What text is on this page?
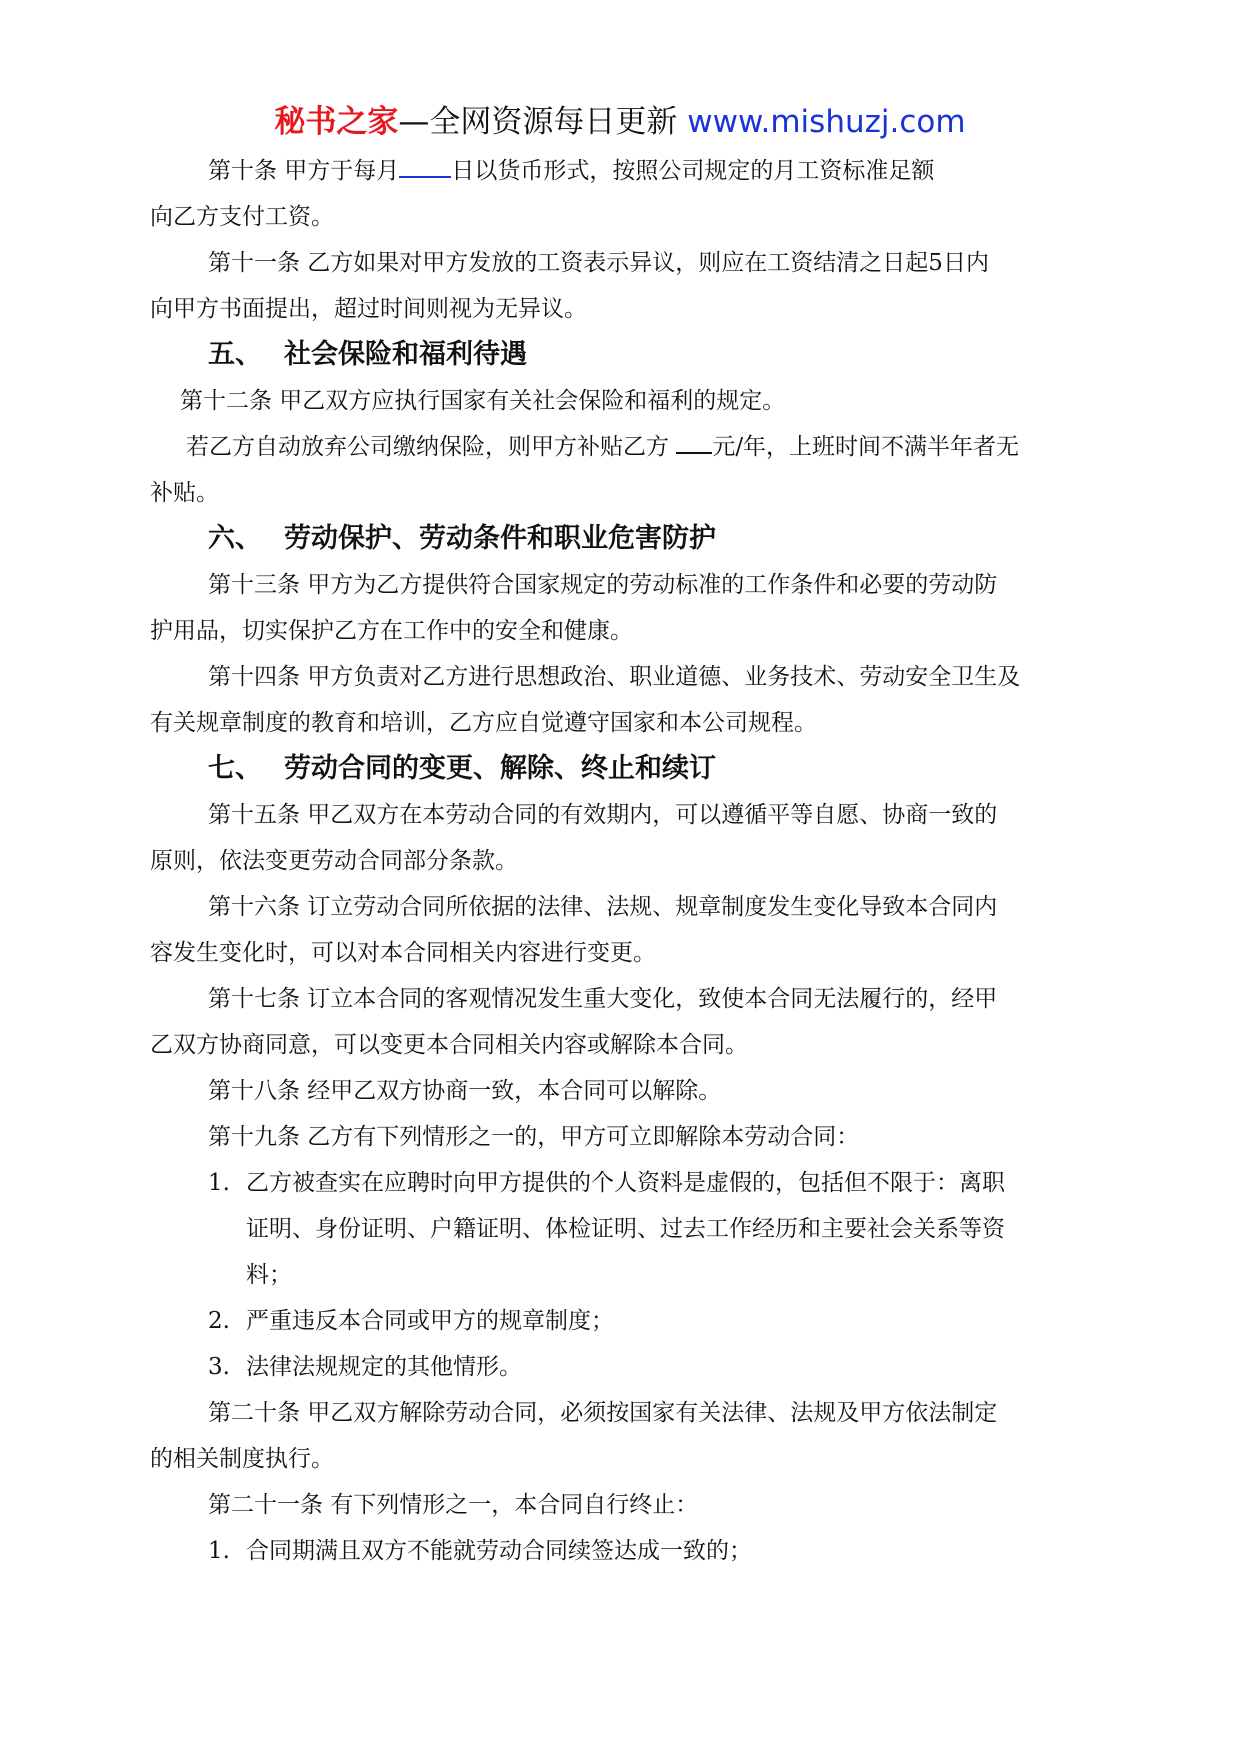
秘书之家—全网资源每日更新 www.mishuzj.com
第十条 甲方于每月 日以货币形式，按照公司规定的月工资标准足额
向乙方支付工资。
第十一条 乙方如果对甲方发放的工资表示异议，则应在工资结清之日起5日内
向甲方书面提出，超过时间则视为无异议。
五、 社会保险和福利待遇
第十二条 甲乙双方应执行国家有关社会保险和福利的规定。
若乙方自动放弃公司缴纳保险，则甲方补贴乙方 元/年，上班时间不满半年者无
补贴。
六、 劳动保护、劳动条件和职业危害防护
第十三条 甲方为乙方提供符合国家规定的劳动标准的工作条件和必要的劳动防
护用品，切实保护乙方在工作中的安全和健康。
第十四条 甲方负责对乙方进行思想政治、职业道德、业务技术、劳动安全卫生及
有关规章制度的教育和培训，乙方应自觉遵守国家和本公司规程。
七、 劳动合同的变更、解除、终止和续订
第十五条 甲乙双方在本劳动合同的有效期内，可以遵循平等自愿、协商一致的
原则，依法变更劳动合同部分条款。
第十六条 订立劳动合同所依据的法律、法规、规章制度发生变化导致本合同内
容发生变化时，可以对本合同相关内容进行变更。
第十七条 订立本合同的客观情况发生重大变化，致使本合同无法履行的，经甲
乙双方协商同意，可以变更本合同相关内容或解除本合同。
第十八条 经甲乙双方协商一致，本合同可以解除。
第十九条 乙方有下列情形之一的，甲方可立即解除本劳动合同：
1. 乙方被查实在应聘时向甲方提供的个人资料是虚假的，包括但不限于：离职
证明、身份证明、户籍证明、体检证明、过去工作经历和主要社会关系等资
料；
2. 严重违反本合同或甲方的规章制度；
3. 法律法规规定的其他情形。
第二十条 甲乙双方解除劳动合同，必须按国家有关法律、法规及甲方依法制定
的相关制度执行。
第二十一条 有下列情形之一，本合同自行终止：
1. 合同期满且双方不能就劳动合同续签达成一致的；
